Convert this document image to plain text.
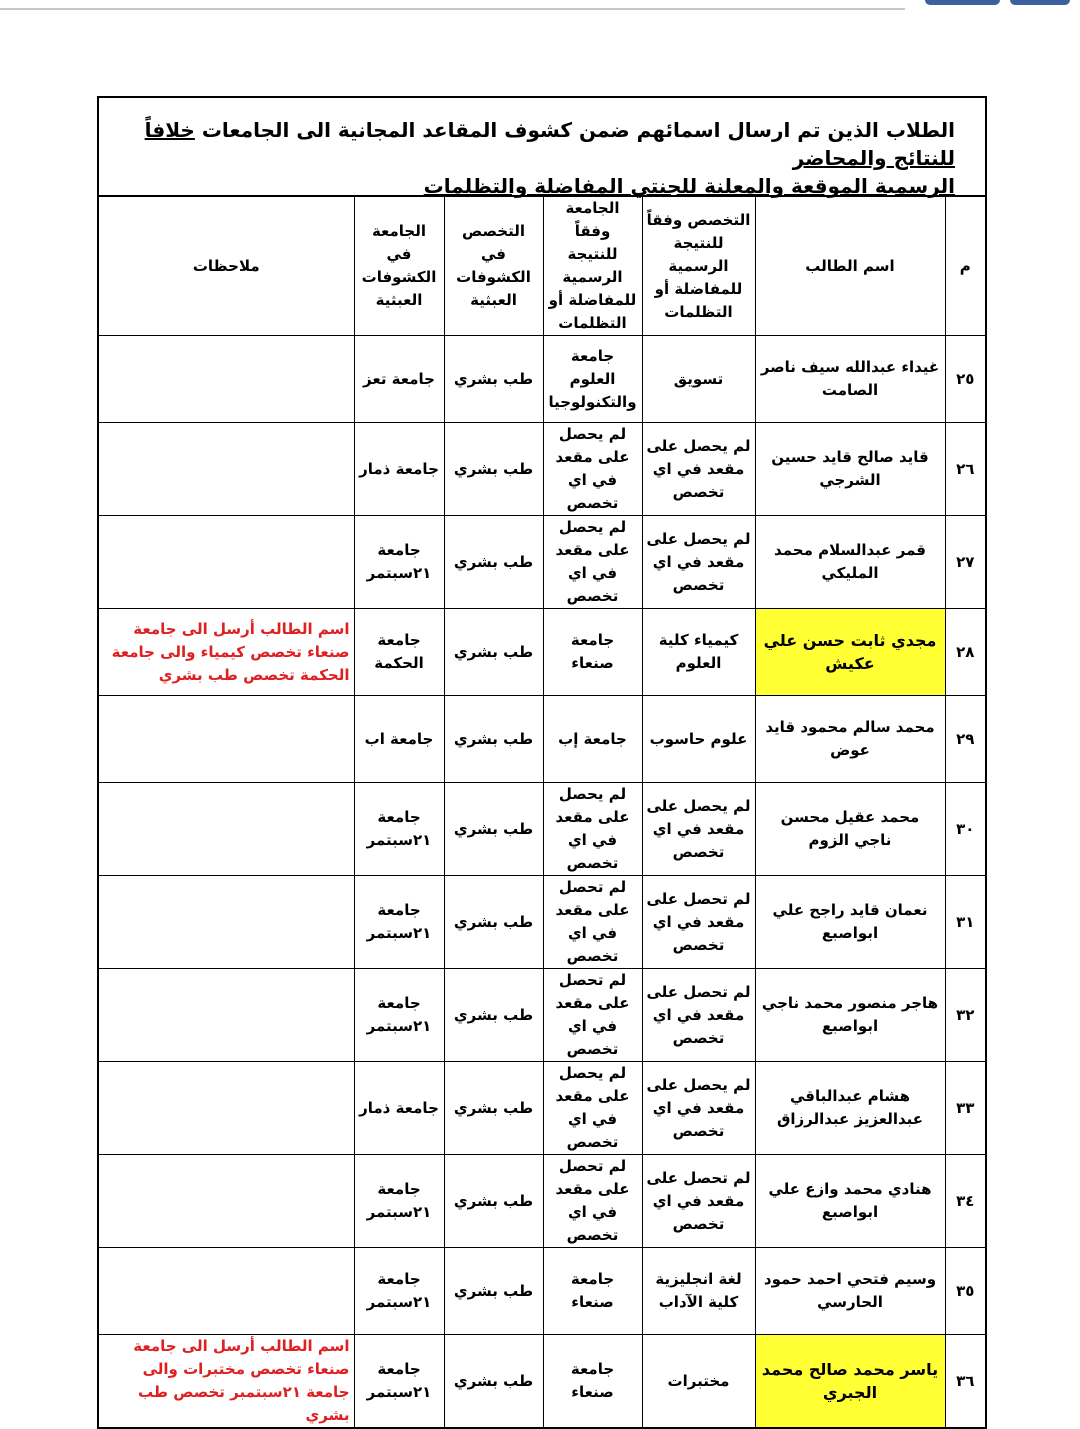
الطلاب الذين تم ارسال اسمائهم ضمن كشوف المقاعد المجانية الى الجامعات خلافاً للنتائج والمحاضر
الرسمية الموقعة والمعلنة للجنتي المفاضلة والتظلمات
م	اسم الطالب	التخصص وفقاً للنتيجة الرسمية للمفاضلة أو التظلمات	الجامعة وفقاً للنتيجة الرسمية للمفاضلة أو التظلمات	التخصص في الكشوفات العبثية	الجامعة في الكشوفات العبثية	ملاحظات
٢٥	غيداء عبدالله سيف ناصر الصامت	تسويق	جامعة العلوم والتكنولوجيا	طب بشري	جامعة تعز	
٢٦	قايد صالح قايد حسين الشرجي	لم يحصل على مقعد في اي تخصص	لم يحصل على مقعد في اي تخصص	طب بشري	جامعة ذمار	
٢٧	قمر عبدالسلام محمد المليكي	لم يحصل على مقعد في اي تخصص	لم يحصل على مقعد في اي تخصص	طب بشري	جامعة ٢١سبتمر	
٢٨	مجدي ثابت حسن علي عكيش	كيمياء كلية العلوم	جامعة صنعاء	طب بشري	جامعة الحكمة	اسم الطالب أرسل الى جامعة صنعاء تخصص كيمياء والى جامعة الحكمة تخصص طب بشري
٢٩	محمد سالم محمود قايد عوض	علوم حاسوب	جامعة إب	طب بشري	جامعة اب	
٣٠	محمد عقيل محسن ناجي الزوم	لم يحصل على مقعد في اي تخصص	لم يحصل على مقعد في اي تخصص	طب بشري	جامعة ٢١سبتمر	
٣١	نعمان قايد راجح علي ابواصبع	لم تحصل على مقعد في اي تخصص	لم تحصل على مقعد في اي تخصص	طب بشري	جامعة ٢١سبتمر	
٣٢	هاجر منصور محمد ناجي ابواصبع	لم تحصل على مقعد في اي تخصص	لم تحصل على مقعد في اي تخصص	طب بشري	جامعة ٢١سبتمر	
٣٣	هشام عبدالباقي عبدالعزيز عبدالرزاق	لم يحصل على مقعد في اي تخصص	لم يحصل على مقعد في اي تخصص	طب بشري	جامعة ذمار	
٣٤	هنادي محمد وازع علي ابواصبع	لم تحصل على مقعد في اي تخصص	لم تحصل على مقعد في اي تخصص	طب بشري	جامعة ٢١سبتمر	
٣٥	وسيم فتحي احمد حمود الحارسي	لغة انجليزية كلية الآداب	جامعة صنعاء	طب بشري	جامعة ٢١سبتمر	
٣٦	ياسر محمد صالح محمد الجبري	مختبرات	جامعة صنعاء	طب بشري	جامعة ٢١سبتمر	اسم الطالب أرسل الى جامعة صنعاء تخصص مختبرات والى جامعة ٢١سبتمبر تخصص طب بشري
